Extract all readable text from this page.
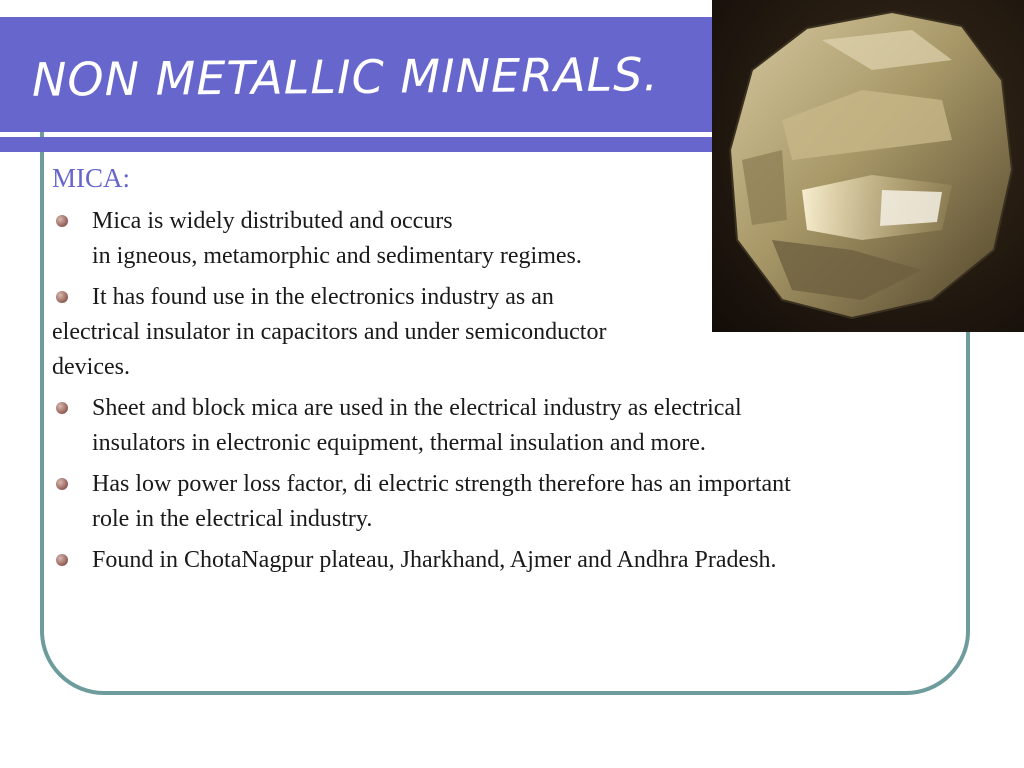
NON METALLIC MINERALS.
MICA:
Mica is widely distributed and occurs
in igneous, metamorphic and sedimentary regimes.
It has found use in the electronics industry as an
electrical insulator in capacitors and under semiconductor
devices.
Sheet and block mica are used in the electrical industry as electrical
insulators in electronic equipment, thermal insulation and more.
Has low power loss factor, di electric strength therefore has an important
role in the electrical industry.
Found in ChotaNagpur plateau, Jharkhand, Ajmer and Andhra Pradesh.
